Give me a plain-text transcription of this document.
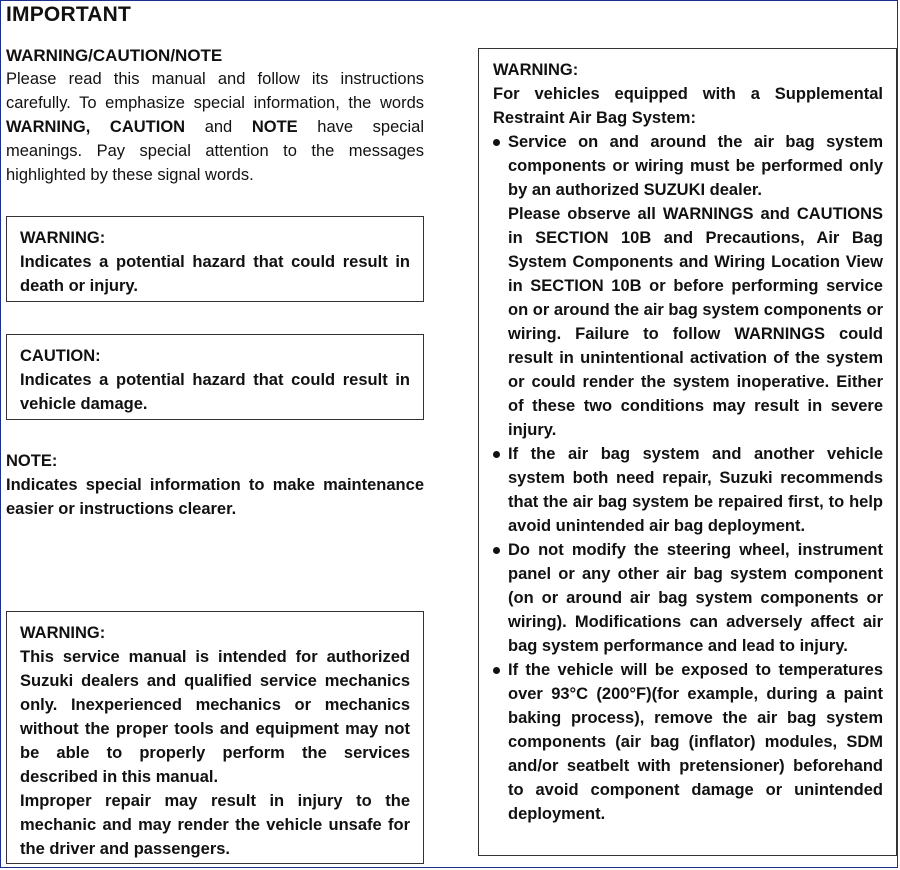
IMPORTANT

WARNING/CAUTION/NOTE

Please read this manual and follow its instructions carefully. To emphasize special information, the words WARNING, CAUTION and NOTE have special meanings. Pay special attention to the messages highlighted by these signal words.

WARNING:
Indicates a potential hazard that could result in death or injury.
CAUTION:
Indicates a potential hazard that could result in vehicle damage.
NOTE:
Indicates special information to make maintenance easier or instructions clearer.
WARNING:
This service manual is intended for authorized Suzuki dealers and qualified service mechanics only. Inexperienced mechanics or mechanics without the proper tools and equipment may not be able to properly perform the services described in this manual.
Improper repair may result in injury to the mechanic and may render the vehicle unsafe for the driver and passengers.
WARNING:
For vehicles equipped with a Supplemental Restraint Air Bag System:
Service on and around the air bag system components or wiring must be performed only by an authorized SUZUKI dealer.
Please observe all WARNINGS and CAUTIONS in SECTION 10B and Precautions, Air Bag System Components and Wiring Location View in SECTION 10B or before performing service on or around the air bag system components or wiring. Failure to follow WARNINGS could result in unintentional activation of the system or could render the system inoperative. Either of these two conditions may result in severe injury.
If the air bag system and another vehicle system both need repair, Suzuki recommends that the air bag system be repaired first, to help avoid unintended air bag deployment.
Do not modify the steering wheel, instrument panel or any other air bag system component (on or around air bag system components or wiring). Modifications can adversely affect air bag system performance and lead to injury.
If the vehicle will be exposed to temperatures over 93°C (200°F)(for example, during a paint baking process), remove the air bag system components (air bag (inflator) modules, SDM and/or seatbelt with pretensioner) beforehand to avoid component damage or unintended deployment.
